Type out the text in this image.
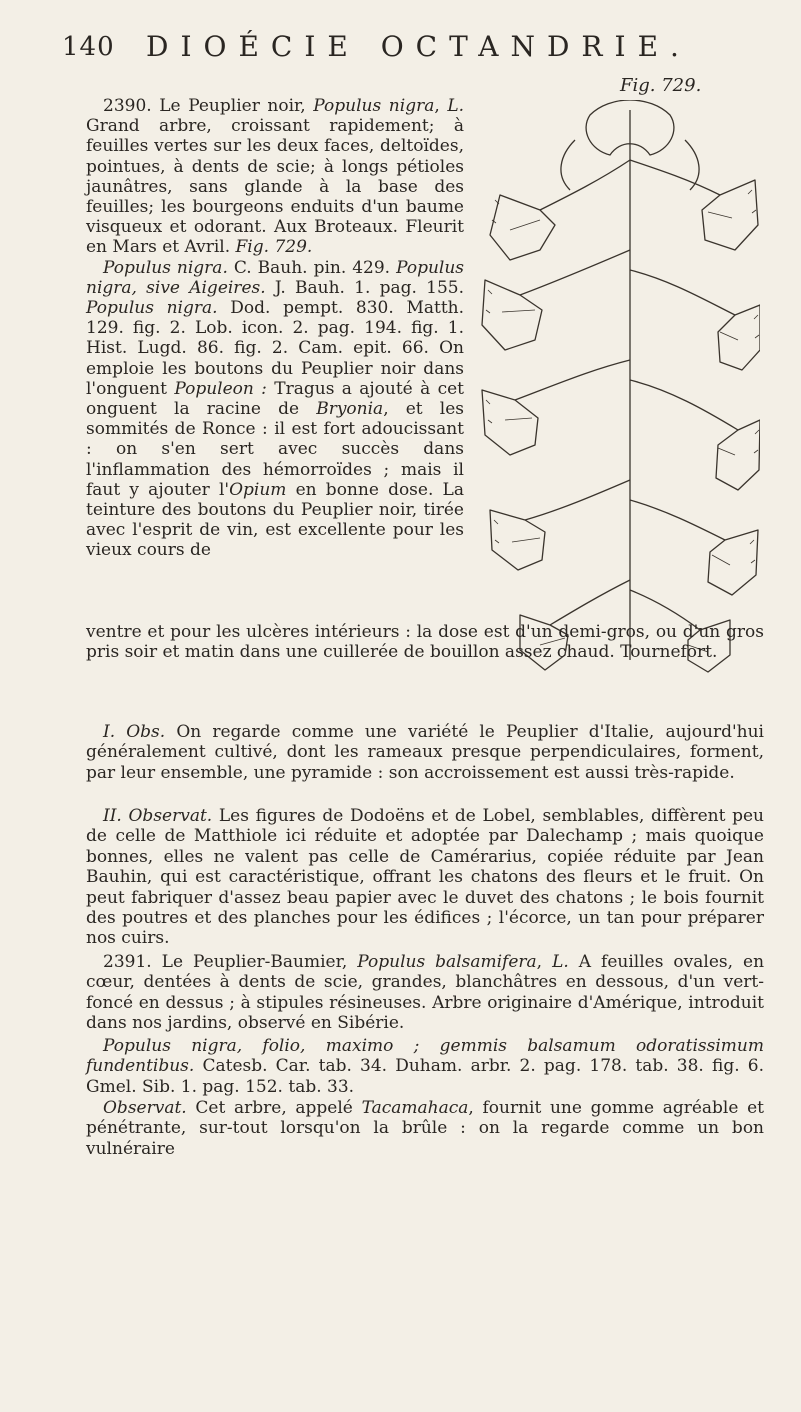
140 DIOÉCIE OCTANDRIE.
Fig. 729.

 2390. Le Peuplier noir, Populus nigra, L. Grand arbre, croissant rapidement; à feuilles vertes sur les deux faces, deltoïdes, pointues, à dents de scie; à longs pétioles jaunâtres, sans glande à la base des feuilles; les bourgeons enduits d'un baume visqueux et odorant. Aux Broteaux. Fleurit en Mars et Avril. Fig. 729.

 Populus nigra. C. Bauh. pin. 429. Populus nigra, sive Aigeires. J. Bauh. 1. pag. 155. Populus nigra. Dod. pempt. 830. Matth. 129. fig. 2. Lob. icon. 2. pag. 194. fig. 1. Hist. Lugd. 86. fig. 2. Cam. epit. 66. On emploie les boutons du Peuplier noir dans l'onguent Populeon : Tragus a ajouté à cet onguent la racine de Bryonia, et les sommités de Ronce : il est fort adoucissant : on s'en sert avec succès dans l'inflammation des hémorroïdes ; mais il faut y ajouter l'Opium en bonne dose. La teinture des boutons du Peuplier noir, tirée avec l'esprit de vin, est excellente pour les vieux cours de

ventre et pour les ulcères intérieurs : la dose est d'un demi-gros, ou d'un gros pris soir et matin dans une cuillerée de bouillon assez chaud. Tournefort.
 I. Obs. On regarde comme une variété le Peuplier d'Italie, aujourd'hui généralement cultivé, dont les rameaux presque perpendiculaires, forment, par leur ensemble, une pyramide : son accroissement est aussi très-rapide.
 II. Observat. Les figures de Dodoëns et de Lobel, semblables, diffèrent peu de celle de Matthiole ici réduite et adoptée par Dalechamp ; mais quoique bonnes, elles ne valent pas celle de Camérarius, copiée réduite par Jean Bauhin, qui est caractéristique, offrant les chatons des fleurs et le fruit. On peut fabriquer d'assez beau papier avec le duvet des chatons ; le bois fournit des poutres et des planches pour les édifices ; l'écorce, un tan pour préparer nos cuirs.
 2391. Le Peuplier-Baumier, Populus balsamifera, L. A feuilles ovales, en cœur, dentées à dents de scie, grandes, blanchâtres en dessous, d'un vert-foncé en dessus ; à stipules résineuses. Arbre originaire d'Amérique, introduit dans nos jardins, observé en Sibérie.
 Populus nigra, folio, maximo ; gemmis balsamum odoratissimum fundentibus. Catesb. Car. tab. 34. Duham. arbr. 2. pag. 178. tab. 38. fig. 6. Gmel. Sib. 1. pag. 152. tab. 33.
 Observat. Cet arbre, appelé Tacamahaca, fournit une gomme agréable et pénétrante, sur-tout lorsqu'on la brûle : on la regarde comme un bon vulnéraire
